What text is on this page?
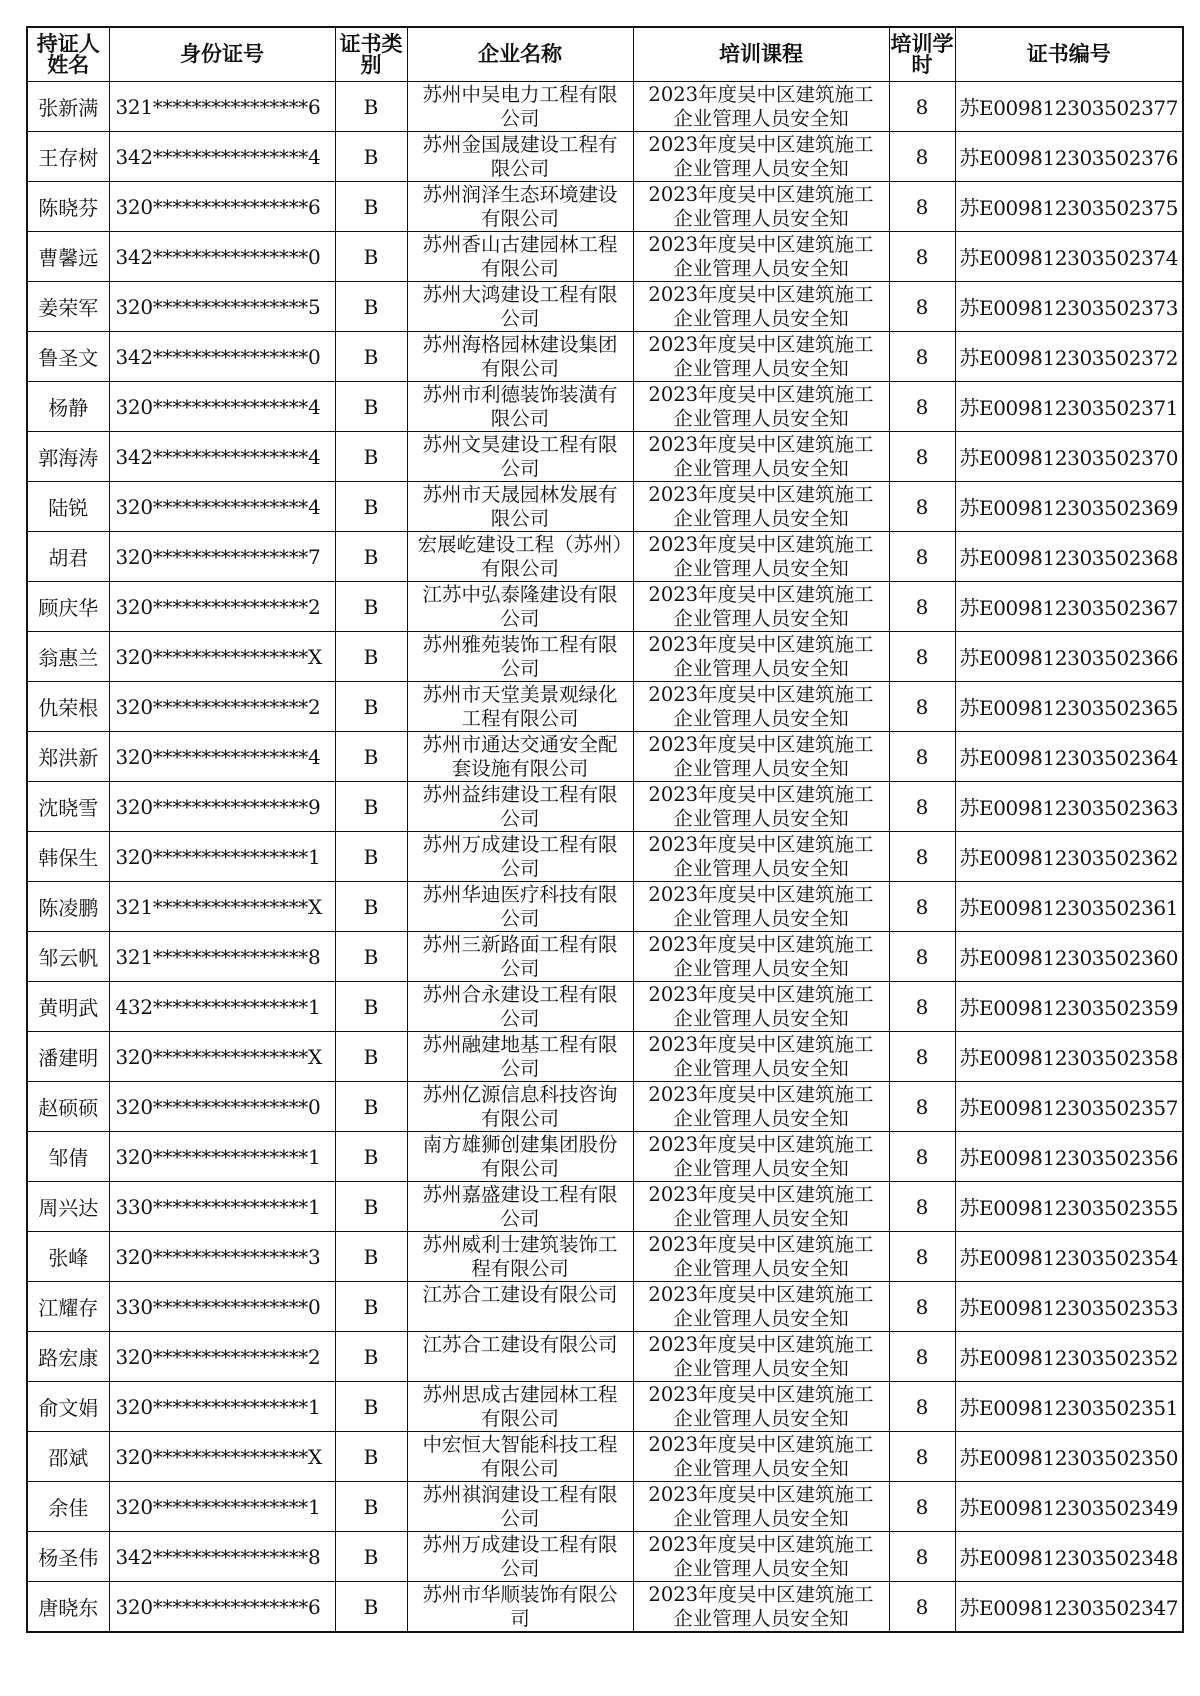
持证人姓名	身份证号	证书类别	企业名称	培训课程	培训学时	证书编号
张新满	321****************6	B	苏州中吴电力工程有限公司	2023年度吴中区建筑施工企业管理人员安全知	8	苏E009812303502377
王存树	342****************4	B	苏州金国晟建设工程有限公司	2023年度吴中区建筑施工企业管理人员安全知	8	苏E009812303502376
陈晓芬	320****************6	B	苏州润泽生态环境建设有限公司	2023年度吴中区建筑施工企业管理人员安全知	8	苏E009812303502375
曹馨远	342****************0	B	苏州香山古建园林工程有限公司	2023年度吴中区建筑施工企业管理人员安全知	8	苏E009812303502374
姜荣军	320****************5	B	苏州大鸿建设工程有限公司	2023年度吴中区建筑施工企业管理人员安全知	8	苏E009812303502373
鲁圣文	342****************0	B	苏州海格园林建设集团有限公司	2023年度吴中区建筑施工企业管理人员安全知	8	苏E009812303502372
杨静	320****************4	B	苏州市利德装饰装潢有限公司	2023年度吴中区建筑施工企业管理人员安全知	8	苏E009812303502371
郭海涛	342****************4	B	苏州文昊建设工程有限公司	2023年度吴中区建筑施工企业管理人员安全知	8	苏E009812303502370
陆锐	320****************4	B	苏州市天晟园林发展有限公司	2023年度吴中区建筑施工企业管理人员安全知	8	苏E009812303502369
胡君	320****************7	B	宏展屹建设工程（苏州）有限公司	2023年度吴中区建筑施工企业管理人员安全知	8	苏E009812303502368
顾庆华	320****************2	B	江苏中弘泰隆建设有限公司	2023年度吴中区建筑施工企业管理人员安全知	8	苏E009812303502367
翁惠兰	320****************X	B	苏州雅苑装饰工程有限公司	2023年度吴中区建筑施工企业管理人员安全知	8	苏E009812303502366
仇荣根	320****************2	B	苏州市天堂美景观绿化工程有限公司	2023年度吴中区建筑施工企业管理人员安全知	8	苏E009812303502365
郑洪新	320****************4	B	苏州市通达交通安全配套设施有限公司	2023年度吴中区建筑施工企业管理人员安全知	8	苏E009812303502364
沈晓雪	320****************9	B	苏州益纬建设工程有限公司	2023年度吴中区建筑施工企业管理人员安全知	8	苏E009812303502363
韩保生	320****************1	B	苏州万成建设工程有限公司	2023年度吴中区建筑施工企业管理人员安全知	8	苏E009812303502362
陈凌鹏	321****************X	B	苏州华迪医疗科技有限公司	2023年度吴中区建筑施工企业管理人员安全知	8	苏E009812303502361
邹云帆	321****************8	B	苏州三新路面工程有限公司	2023年度吴中区建筑施工企业管理人员安全知	8	苏E009812303502360
黄明武	432****************1	B	苏州合永建设工程有限公司	2023年度吴中区建筑施工企业管理人员安全知	8	苏E009812303502359
潘建明	320****************X	B	苏州融建地基工程有限公司	2023年度吴中区建筑施工企业管理人员安全知	8	苏E009812303502358
赵硕硕	320****************0	B	苏州亿源信息科技咨询有限公司	2023年度吴中区建筑施工企业管理人员安全知	8	苏E009812303502357
邹倩	320****************1	B	南方雄狮创建集团股份有限公司	2023年度吴中区建筑施工企业管理人员安全知	8	苏E009812303502356
周兴达	330****************1	B	苏州嘉盛建设工程有限公司	2023年度吴中区建筑施工企业管理人员安全知	8	苏E009812303502355
张峰	320****************3	B	苏州威利士建筑装饰工程有限公司	2023年度吴中区建筑施工企业管理人员安全知	8	苏E009812303502354
江耀存	330****************0	B	江苏合工建设有限公司	2023年度吴中区建筑施工企业管理人员安全知	8	苏E009812303502353
路宏康	320****************2	B	江苏合工建设有限公司	2023年度吴中区建筑施工企业管理人员安全知	8	苏E009812303502352
俞文娟	320****************1	B	苏州思成古建园林工程有限公司	2023年度吴中区建筑施工企业管理人员安全知	8	苏E009812303502351
邵斌	320****************X	B	中宏恒大智能科技工程有限公司	2023年度吴中区建筑施工企业管理人员安全知	8	苏E009812303502350
余佳	320****************1	B	苏州祺润建设工程有限公司	2023年度吴中区建筑施工企业管理人员安全知	8	苏E009812303502349
杨圣伟	342****************8	B	苏州万成建设工程有限公司	2023年度吴中区建筑施工企业管理人员安全知	8	苏E009812303502348
唐晓东	320****************6	B	苏州市华顺装饰有限公司	2023年度吴中区建筑施工企业管理人员安全知	8	苏E009812303502347
